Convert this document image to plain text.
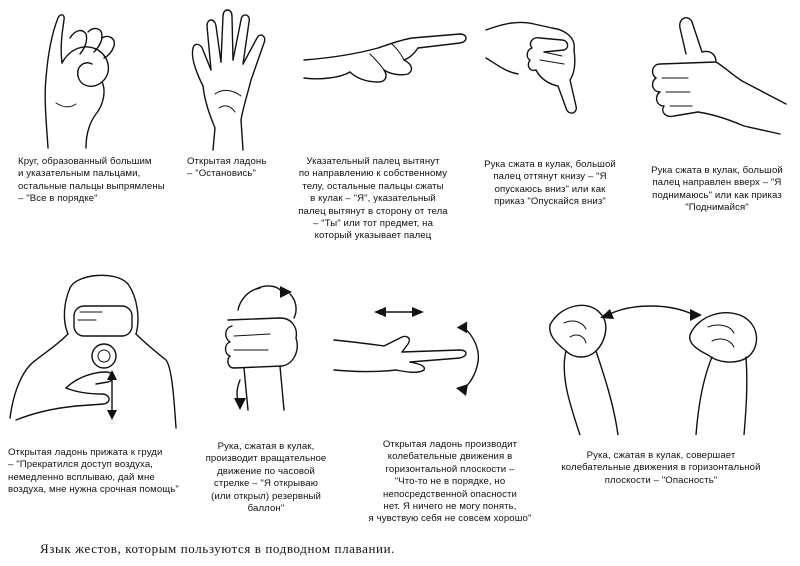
Круг, образованный большим
и указательным пальцами,
остальные пальцы выпрямлены
– "Все в порядке"
Открытая ладонь
– "Остановись"
Указательный палец вытянут
по направлению к собственному
телу, остальные пальцы сжаты
в кулак – "Я", указательный
палец вытянут в сторону от тела
– "Ты" или тот предмет, на
который указывает палец
Рука сжата в кулак, большой
палец оттянут книзу – "Я
опускаюсь вниз" или как
приказ "Опускайся вниз"
Рука сжата в кулак, большой
палец направлен вверх – "Я
поднимаюсь" или как приказ
"Поднимайся"
Открытая ладонь прижата к груди
– "Прекратился доступ воздуха,
немедленно всплываю, дай мне
воздуха, мне нужна срочная помощь"
Рука, сжатая в кулак,
производит вращательное
движение по часовой
стрелке – "Я открываю
(или открыл) резервный
баллон"
Открытая ладонь производит
колебательные движения в
горизонтальной плоскости –
"Что-то не в порядке, но
непосредственной опасности
нет. Я ничего не могу понять,
я чувствую себя не совсем хорошо"
Рука, сжатая в кулак, совершает
колебательные движения в горизонтальной
плоскости – "Опасность"
Язык жестов, которым пользуются в подводном плавании.
